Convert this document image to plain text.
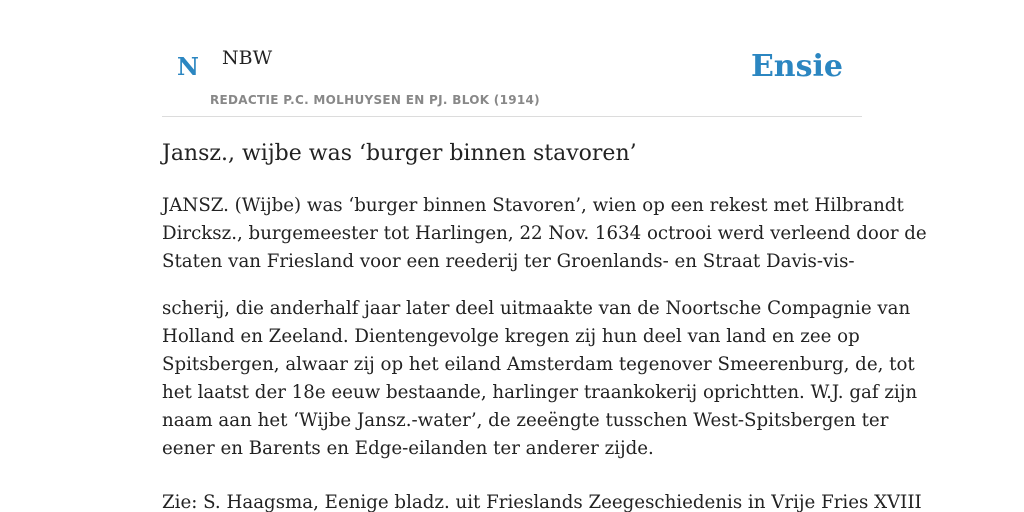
N NBW
REDACTIE P.C. MOLHUYSEN EN PJ. BLOK (1914)
Ensie
Jansz., wijbe was ‘burger binnen stavoren’
JANSZ. (Wijbe) was ‘burger binnen Stavoren’, wien op een rekest met Hilbrandt
Dircksz., burgemeester tot Harlingen, 22 Nov. 1634 octrooi werd verleend door de
Staten van Friesland voor een reederij ter Groenlands- en Straat Davis-vis-
scherij, die anderhalf jaar later deel uitmaakte van de Noortsche Compagnie van
Holland en Zeeland. Dientengevolge kregen zij hun deel van land en zee op
Spitsbergen, alwaar zij op het eiland Amsterdam tegenover Smeerenburg, de, tot
het laatst der 18e eeuw bestaande, harlinger traankokerij oprichtten. W.J. gaf zijn
naam aan het ‘Wijbe Jansz.-water’, de zeeëngte tusschen West-Spitsbergen ter
eener en Barents en Edge-eilanden ter anderer zijde.
Zie: S. Haagsma, Eenige bladz. uit Frieslands Zeegeschiedenis in Vrije Fries XVIII
